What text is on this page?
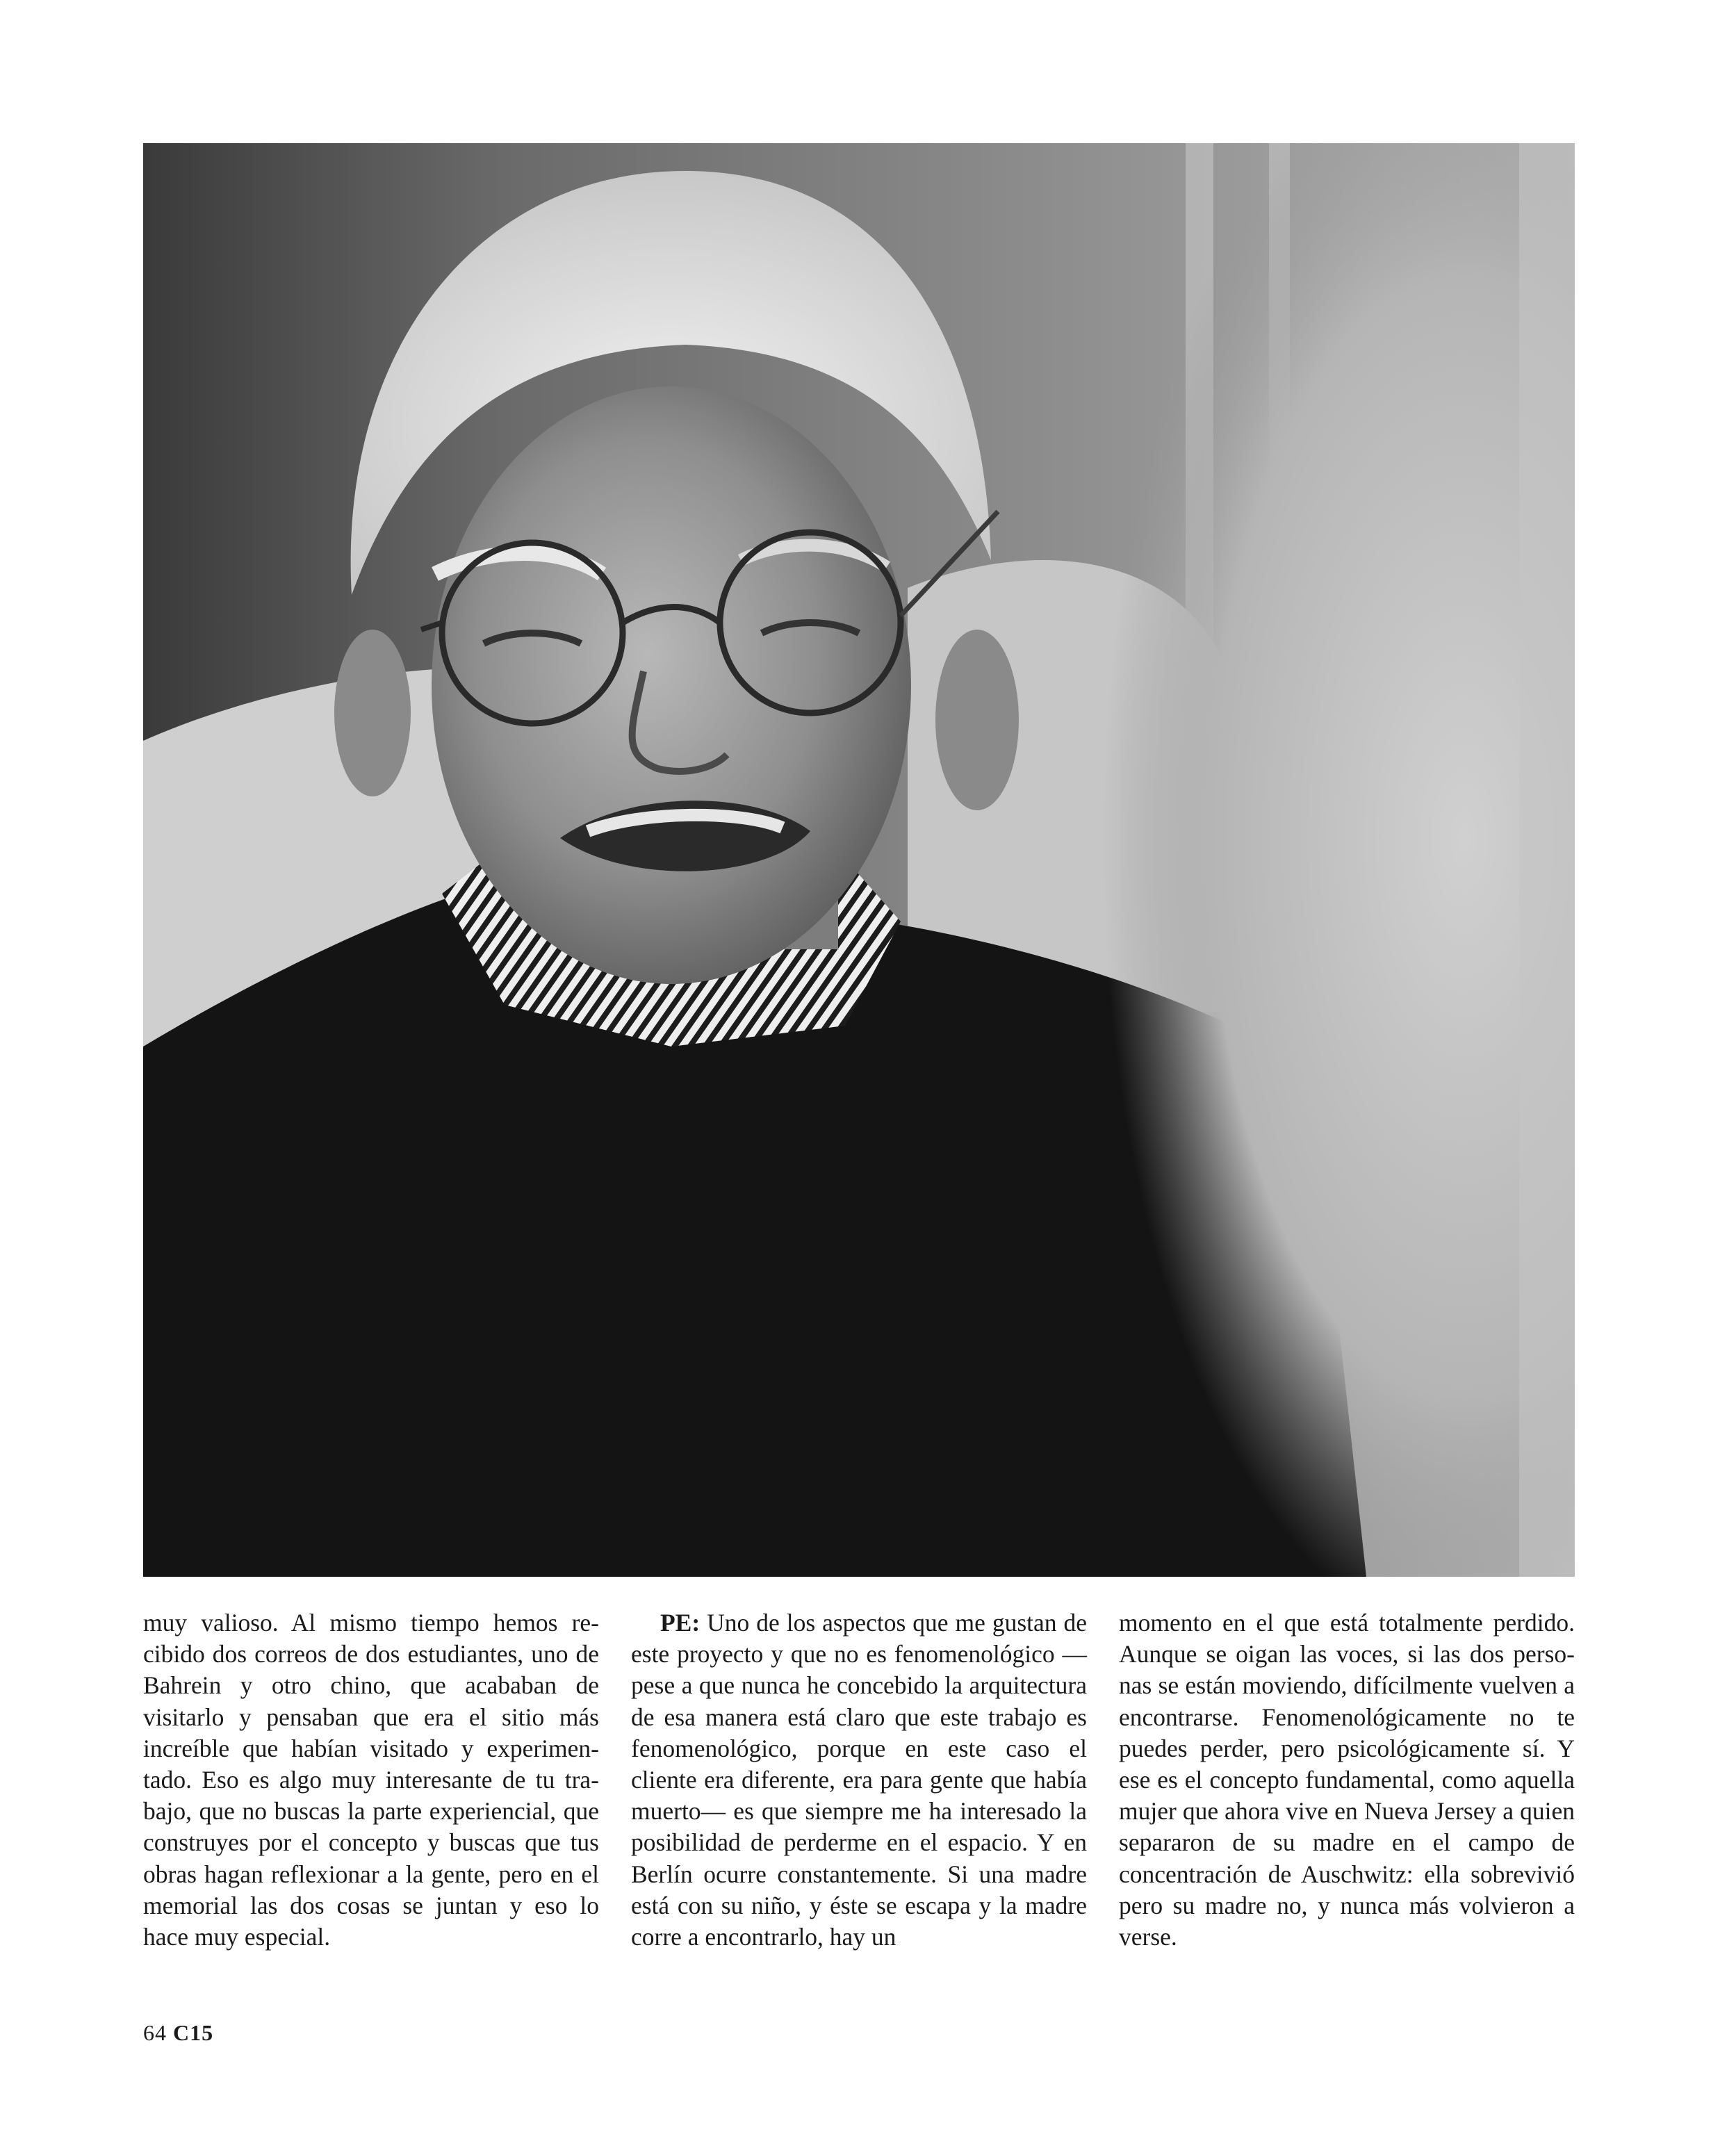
muy valioso. Al mismo tiempo hemos recibido dos correos de dos estudiantes, uno de Bahrein y otro chino, que acababan de visitarlo y pensaban que era el sitio más increíble que habían visitado y experimentado. Eso es algo muy interesante de tu trabajo, que no buscas la parte experiencial, que construyes por el concepto y buscas que tus obras hagan reflexionar a la gente, pero en el memorial las dos cosas se juntan y eso lo hace muy especial.
PE: Uno de los aspectos que me gustan de este proyecto y que no es fenomenológico —pese a que nunca he concebido la arquitectura de esa manera está claro que este trabajo es fenomenológico, porque en este caso el cliente era diferente, era para gente que había muerto— es que siempre me ha interesado la posibilidad de perderme en el espacio. Y en Berlín ocurre constantemente. Si una madre está con su niño, y éste se escapa y la madre corre a encontrarlo, hay un
momento en el que está totalmente perdido. Aunque se oigan las voces, si las dos personas se están moviendo, difícilmente vuelven a encontrarse. Fenomenológicamente no te puedes perder, pero psicológicamente sí. Y ese es el concepto fundamental, como aquella mujer que ahora vive en Nueva Jersey a quien separaron de su madre en el campo de concentración de Auschwitz: ella sobrevivió pero su madre no, y nunca más volvieron a verse.
64 C15
